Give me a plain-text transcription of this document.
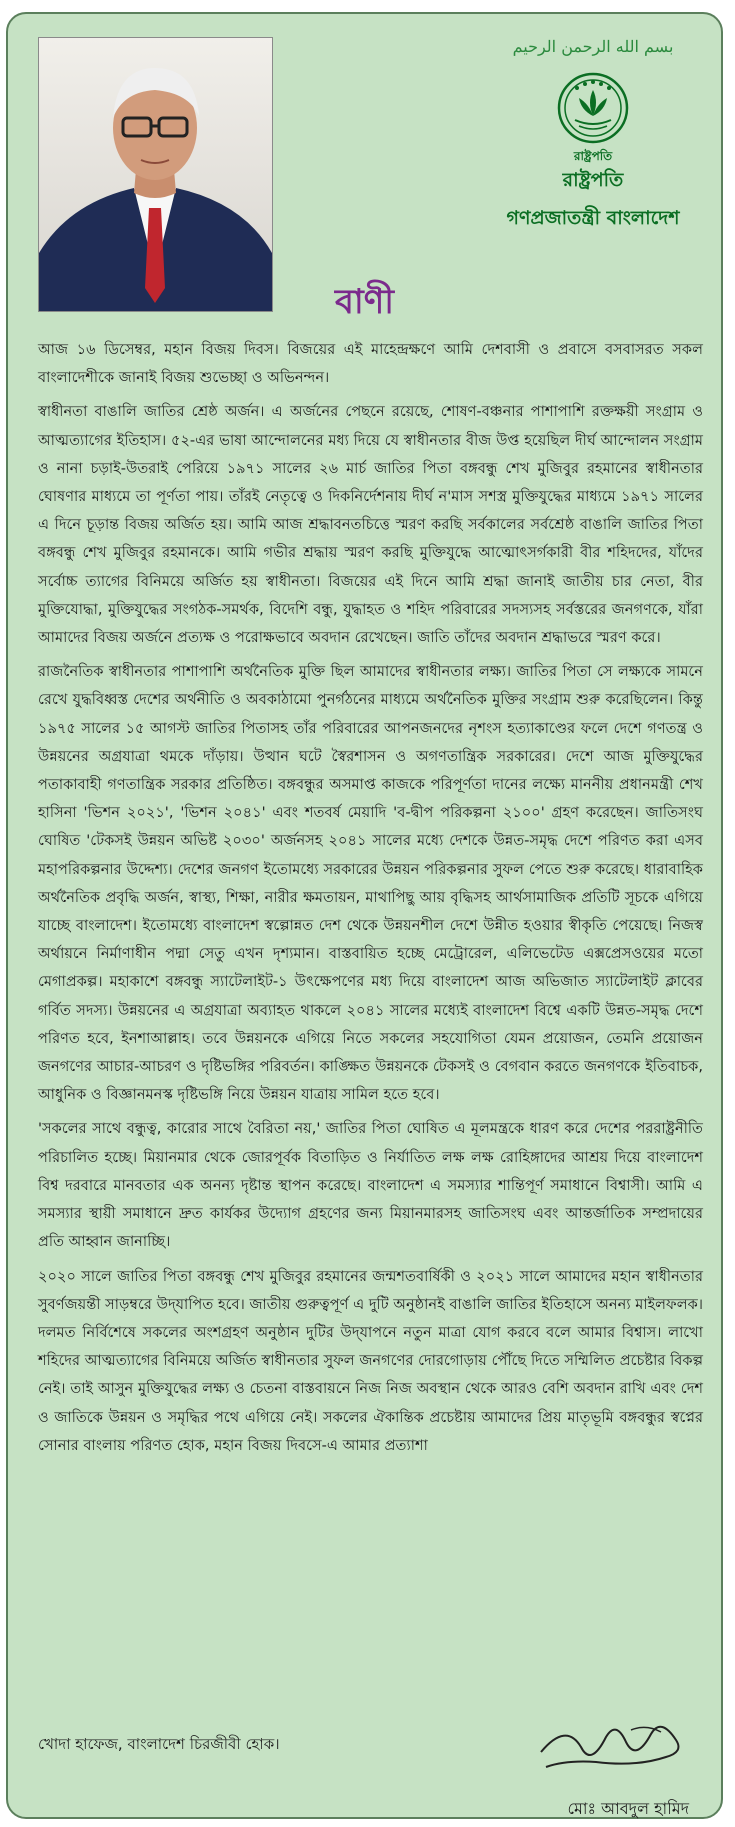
بسم الله الرحمن الرحيم
রাষ্ট্রপতি
রাষ্ট্রপতি
গণপ্রজাতন্ত্রী বাংলাদেশ
বাণী

আজ ১৬ ডিসেম্বর, মহান বিজয় দিবস। বিজয়ের এই মাহেন্দ্রক্ষণে আমি দেশবাসী ও প্রবাসে বসবাসরত সকল বাংলাদেশীকে জানাই বিজয় শুভেচ্ছা ও অভিনন্দন।

স্বাধীনতা বাঙালি জাতির শ্রেষ্ঠ অর্জন। এ অর্জনের পেছনে রয়েছে, শোষণ-বঞ্চনার পাশাপাশি রক্তক্ষয়ী সংগ্রাম ও আত্মত্যাগের ইতিহাস। ৫২-এর ভাষা আন্দোলনের মধ্য দিয়ে যে স্বাধীনতার বীজ উপ্ত হয়েছিল দীর্ঘ আন্দোলন সংগ্রাম ও নানা চড়াই-উতরাই পেরিয়ে ১৯৭১ সালের ২৬ মার্চ জাতির পিতা বঙ্গবন্ধু শেখ মুজিবুর রহমানের স্বাধীনতার ঘোষণার মাধ্যমে তা পূর্ণতা পায়। তাঁরই নেতৃত্বে ও দিকনির্দেশনায় দীর্ঘ ন'মাস সশস্ত্র মুক্তিযুদ্ধের মাধ্যমে ১৯৭১ সালের এ দিনে চূড়ান্ত বিজয় অর্জিত হয়। আমি আজ শ্রদ্ধাবনতচিত্তে স্মরণ করছি সর্বকালের সর্বশ্রেষ্ঠ বাঙালি জাতির পিতা বঙ্গবন্ধু শেখ মুজিবুর রহমানকে। আমি গভীর শ্রদ্ধায় স্মরণ করছি মুক্তিযুদ্ধে আত্মোৎসর্গকারী বীর শহিদদের, যাঁদের সর্বোচ্চ ত্যাগের বিনিময়ে অর্জিত হয় স্বাধীনতা। বিজয়ের এই দিনে আমি শ্রদ্ধা জানাই জাতীয় চার নেতা, বীর মুক্তিযোদ্ধা, মুক্তিযুদ্ধের সংগঠক-সমর্থক, বিদেশি বন্ধু, যুদ্ধাহত ও শহিদ পরিবারের সদস্যসহ সর্বস্তরের জনগণকে, যাঁরা আমাদের বিজয় অর্জনে প্রত্যক্ষ ও পরোক্ষভাবে অবদান রেখেছেন। জাতি তাঁদের অবদান শ্রদ্ধাভরে স্মরণ করে।

রাজনৈতিক স্বাধীনতার পাশাপাশি অর্থনৈতিক মুক্তি ছিল আমাদের স্বাধীনতার লক্ষ্য। জাতির পিতা সে লক্ষ্যকে সামনে রেখে যুদ্ধবিধ্বস্ত দেশের অর্থনীতি ও অবকাঠামো পুনর্গঠনের মাধ্যমে অর্থনৈতিক মুক্তির সংগ্রাম শুরু করেছিলেন। কিন্তু ১৯৭৫ সালের ১৫ আগস্ট জাতির পিতাসহ তাঁর পরিবারের আপনজনদের নৃশংস হত্যাকাণ্ডের ফলে দেশে গণতন্ত্র ও উন্নয়নের অগ্রযাত্রা থমকে দাঁড়ায়। উত্থান ঘটে স্বৈরশাসন ও অগণতান্ত্রিক সরকারের। দেশে আজ মুক্তিযুদ্ধের পতাকাবাহী গণতান্ত্রিক সরকার প্রতিষ্ঠিত। বঙ্গবন্ধুর অসমাপ্ত কাজকে পরিপূর্ণতা দানের লক্ষ্যে মাননীয় প্রধানমন্ত্রী শেখ হাসিনা 'ভিশন ২০২১', 'ভিশন ২০৪১' এবং শতবর্ষ মেয়াদি 'ব-দ্বীপ পরিকল্পনা ২১০০' গ্রহণ করেছেন। জাতিসংঘ ঘোষিত 'টেকসই উন্নয়ন অভিষ্ট ২০৩০' অর্জনসহ ২০৪১ সালের মধ্যে দেশকে উন্নত-সমৃদ্ধ দেশে পরিণত করা এসব মহাপরিকল্পনার উদ্দেশ্য। দেশের জনগণ ইতোমধ্যে সরকারের উন্নয়ন পরিকল্পনার সুফল পেতে শুরু করেছে। ধারাবাহিক অর্থনৈতিক প্রবৃদ্ধি অর্জন, স্বাস্থ্য, শিক্ষা, নারীর ক্ষমতায়ন, মাথাপিছু আয় বৃদ্ধিসহ আর্থসামাজিক প্রতিটি সূচকে এগিয়ে যাচ্ছে বাংলাদেশ। ইতোমধ্যে বাংলাদেশ স্বল্পোন্নত দেশ থেকে উন্নয়নশীল দেশে উন্নীত হওয়ার স্বীকৃতি পেয়েছে। নিজস্ব অর্থায়নে নির্মাণাধীন পদ্মা সেতু এখন দৃশ্যমান। বাস্তবায়িত হচ্ছে মেট্রোরেল, এলিভেটেড এক্সপ্রেসওয়ের মতো মেগাপ্রকল্প। মহাকাশে বঙ্গবন্ধু স্যাটেলাইট-১ উৎক্ষেপণের মধ্য দিয়ে বাংলাদেশ আজ অভিজাত স্যাটেলাইট ক্লাবের গর্বিত সদস্য। উন্নয়নের এ অগ্রযাত্রা অব্যাহত থাকলে ২০৪১ সালের মধ্যেই বাংলাদেশ বিশ্বে একটি উন্নত-সমৃদ্ধ দেশে পরিণত হবে, ইনশাআল্লাহ। তবে উন্নয়নকে এগিয়ে নিতে সকলের সহযোগিতা যেমন প্রয়োজন, তেমনি প্রয়োজন জনগণের আচার-আচরণ ও দৃষ্টিভঙ্গির পরিবর্তন। কাঙ্ক্ষিত উন্নয়নকে টেকসই ও বেগবান করতে জনগণকে ইতিবাচক, আধুনিক ও বিজ্ঞানমনস্ক দৃষ্টিভঙ্গি নিয়ে উন্নয়ন যাত্রায় সামিল হতে হবে।

'সকলের সাথে বন্ধুত্ব, কারোর সাথে বৈরিতা নয়,' জাতির পিতা ঘোষিত এ মূলমন্ত্রকে ধারণ করে দেশের পররাষ্ট্রনীতি পরিচালিত হচ্ছে। মিয়ানমার থেকে জোরপূর্বক বিতাড়িত ও নির্যাতিত লক্ষ লক্ষ রোহিঙ্গাদের আশ্রয় দিয়ে বাংলাদেশ বিশ্ব দরবারে মানবতার এক অনন্য দৃষ্টান্ত স্থাপন করেছে। বাংলাদেশ এ সমস্যার শান্তিপূর্ণ সমাধানে বিশ্বাসী। আমি এ সমস্যার স্থায়ী সমাধানে দ্রুত কার্যকর উদ্যোগ গ্রহণের জন্য মিয়ানমারসহ জাতিসংঘ এবং আন্তর্জাতিক সম্প্রদায়ের প্রতি আহ্বান জানাচ্ছি।

২০২০ সালে জাতির পিতা বঙ্গবন্ধু শেখ মুজিবুর রহমানের জন্মশতবার্ষিকী ও ২০২১ সালে আমাদের মহান স্বাধীনতার সুবর্ণজয়ন্তী সাড়ম্বরে উদ্‌যাপিত হবে। জাতীয় গুরুত্বপূর্ণ এ দুটি অনুষ্ঠানই বাঙালি জাতির ইতিহাসে অনন্য মাইলফলক। দলমত নির্বিশেষে সকলের অংশগ্রহণ অনুষ্ঠান দুটির উদ্‌যাপনে নতুন মাত্রা যোগ করবে বলে আমার বিশ্বাস। লাখো শহিদের আত্মত্যাগের বিনিময়ে অর্জিত স্বাধীনতার সুফল জনগণের দোরগোড়ায় পৌঁছে দিতে সম্মিলিত প্রচেষ্টার বিকল্প নেই। তাই আসুন মুক্তিযুদ্ধের লক্ষ্য ও চেতনা বাস্তবায়নে নিজ নিজ অবস্থান থেকে আরও বেশি অবদান রাখি এবং দেশ ও জাতিকে উন্নয়ন ও সমৃদ্ধির পথে এগিয়ে নেই। সকলের ঐকান্তিক প্রচেষ্টায় আমাদের প্রিয় মাতৃভূমি বঙ্গবন্ধুর স্বপ্নের সোনার বাংলায় পরিণত হোক, মহান বিজয় দিবসে-এ আমার প্রত্যাশা

খোদা হাফেজ, বাংলাদেশ চিরজীবী হোক।
মোঃ আবদুল হামিদ
